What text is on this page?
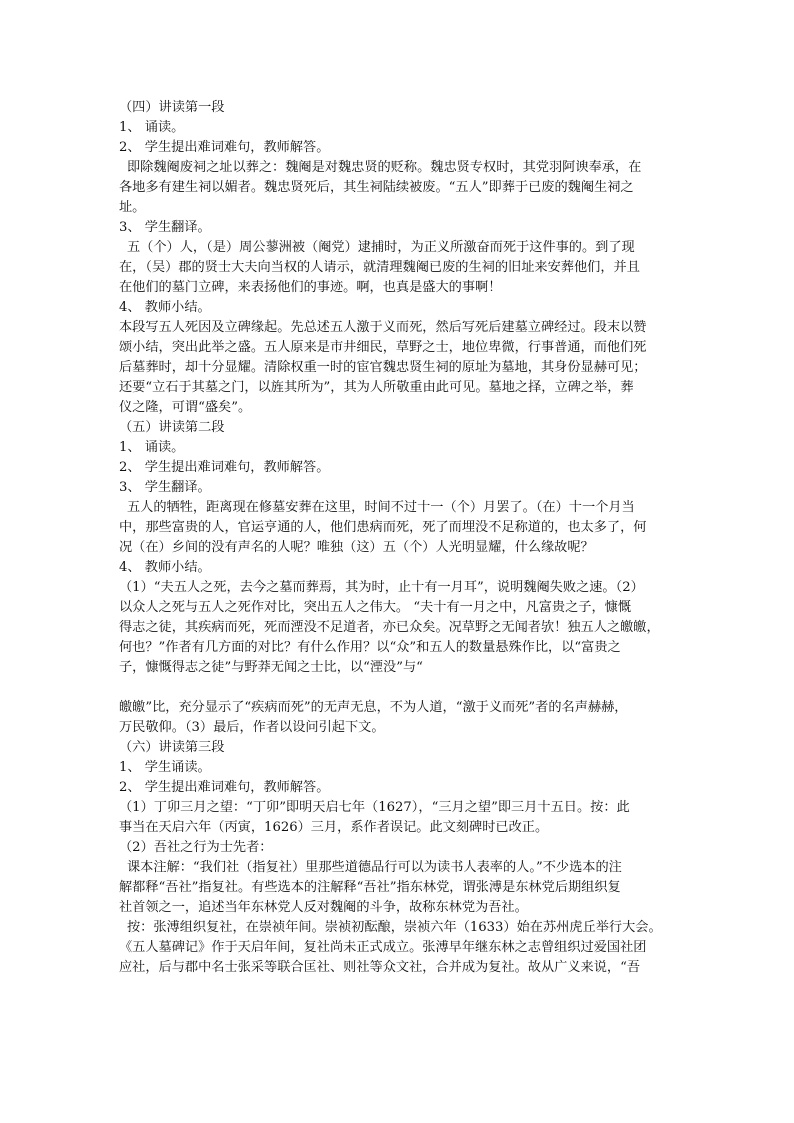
（四）讲读第一段
1、 诵读。
2、 学生提出难词难句，教师解答。
即除魏阉废祠之址以葬之：魏阉是对魏忠贤的贬称。魏忠贤专权时，其党羽阿谀奉承，在
各地多有建生祠以媚者。魏忠贤死后，其生祠陆续被废。“五人”即葬于已废的魏阉生祠之
址。
3、 学生翻译。
五（个）人，（是）周公蓼洲被（阉党）逮捕时，为正义所激奋而死于这件事的。到了现
在，（吴）郡的贤士大夫向当权的人请示，就清理魏阉已废的生祠的旧址来安葬他们，并且
在他们的墓门立碑，来表扬他们的事迹。啊，也真是盛大的事啊！
4、 教师小结。
本段写五人死因及立碑缘起。先总述五人激于义而死，然后写死后建墓立碑经过。段末以赞
颂小结，突出此举之盛。五人原来是市井细民，草野之士，地位卑微，行事普通，而他们死
后墓葬时，却十分显耀。清除权重一时的宦官魏忠贤生祠的原址为墓地，其身份显赫可见；
还要“立石于其墓之门，以旌其所为”，其为人所敬重由此可见。墓地之择，立碑之举，葬
仪之隆，可谓“盛矣”。
（五）讲读第二段
1、 诵读。
2、 学生提出难词难句，教师解答。
3、 学生翻译。
五人的牺牲，距离现在修墓安葬在这里，时间不过十一（个）月罢了。（在）十一个月当
中，那些富贵的人，官运亨通的人，他们患病而死，死了而埋没不足称道的，也太多了，何
况（在）乡间的没有声名的人呢？唯独（这）五（个）人光明显耀，什么缘故呢？
4、 教师小结。
（1）“夫五人之死，去今之墓而葬焉，其为时，止十有一月耳”，说明魏阉失败之速。（2）
以众人之死与五人之死作对比，突出五人之伟大。 “夫十有一月之中，凡富贵之子，慷慨
得志之徒，其疾病而死，死而湮没不足道者，亦已众矣。况草野之无闻者欤！独五人之皦皦，
何也？”作者有几方面的对比？有什么作用？以“众”和五人的数量悬殊作比，以“富贵之
子，慷慨得志之徒”与野莽无闻之士比，以“湮没”与“

皦皦”比，充分显示了“疾病而死”的无声无息，不为人道，“激于义而死”者的名声赫赫，
万民敬仰。（3）最后，作者以设问引起下文。
（六）讲读第三段
1、 学生诵读。
2、 学生提出难词难句，教师解答。
（1）丁卯三月之望：“丁卯”即明天启七年（1627），“三月之望”即三月十五日。按：此
事当在天启六年（丙寅，1626）三月，系作者误记。此文刻碑时已改正。
（2）吾社之行为士先者：
课本注解：“我们社（指复社）里那些道德品行可以为读书人表率的人。”不少选本的注
解都释“吾社”指复社。有些选本的注解释“吾社”指东林党，谓张溥是东林党后期组织复
社首领之一，追述当年东林党人反对魏阉的斗争，故称东林党为吾社。
按：张溥组织复社，在崇祯年间。崇祯初酝酿，崇祯六年（1633）始在苏州虎丘举行大会。
《五人墓碑记》作于天启年间，复社尚未正式成立。张溥早年继东林之志曾组织过爱国社团
应社，后与郡中名士张采等联合匡社、则社等众文社，合并成为复社。故从广义来说，“吾
